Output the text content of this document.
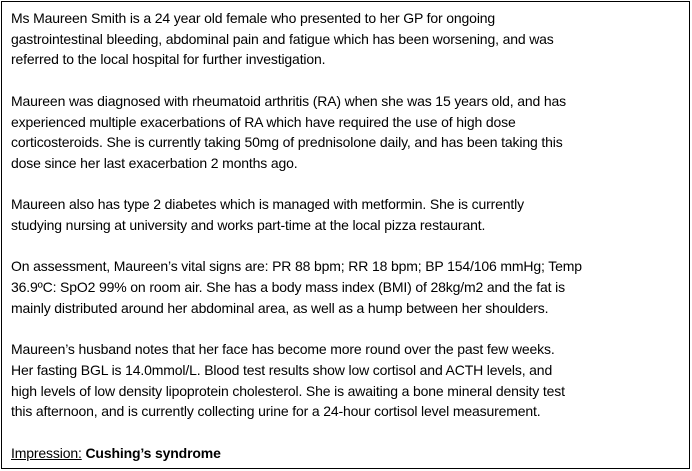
Ms Maureen Smith is a 24 year old female who presented to her GP for ongoing
gastrointestinal bleeding, abdominal pain and fatigue which has been worsening, and was
referred to the local hospital for further investigation.
Maureen was diagnosed with rheumatoid arthritis (RA) when she was 15 years old, and has
experienced multiple exacerbations of RA which have required the use of high dose
corticosteroids. She is currently taking 50mg of prednisolone daily, and has been taking this
dose since her last exacerbation 2 months ago.
Maureen also has type 2 diabetes which is managed with metformin. She is currently
studying nursing at university and works part-time at the local pizza restaurant.
On assessment, Maureen’s vital signs are: PR 88 bpm; RR 18 bpm; BP 154/106 mmHg; Temp
36.9ºC: SpO2 99% on room air. She has a body mass index (BMI) of 28kg/m2 and the fat is
mainly distributed around her abdominal area, as well as a hump between her shoulders.
Maureen’s husband notes that her face has become more round over the past few weeks.
Her fasting BGL is 14.0mmol/L. Blood test results show low cortisol and ACTH levels, and
high levels of low density lipoprotein cholesterol. She is awaiting a bone mineral density test
this afternoon, and is currently collecting urine for a 24-hour cortisol level measurement.
Impression: Cushing’s syndrome
